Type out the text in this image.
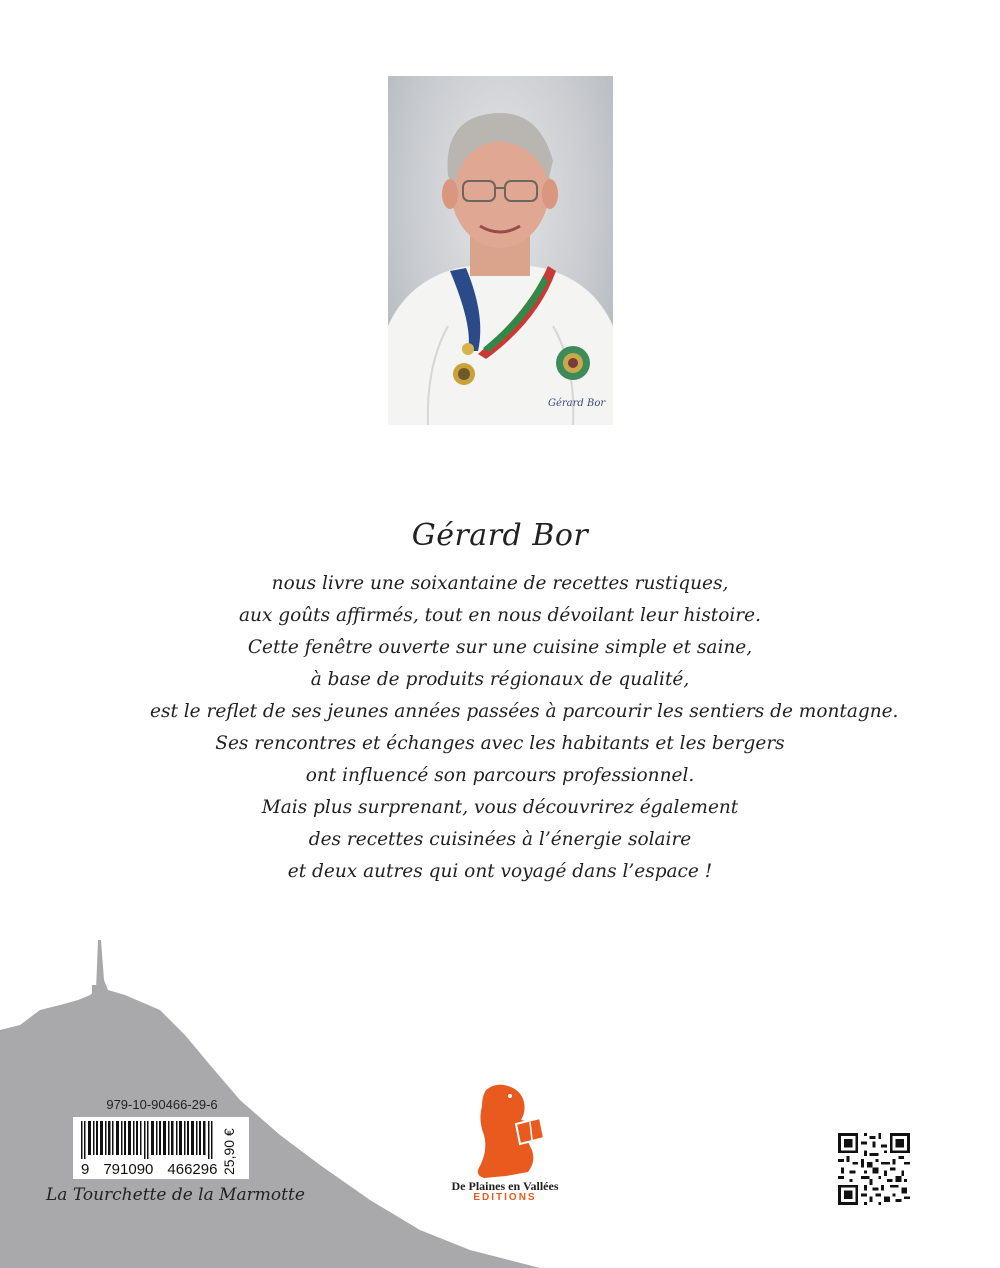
Gérard Bor
Gérard Bor
nous livre une soixantaine de recettes rustiques,
aux goûts affirmés, tout en nous dévoilant leur histoire.
Cette fenêtre ouverte sur une cuisine simple et saine,
à base de produits régionaux de qualité,
est le reflet de ses jeunes années passées à parcourir les sentiers de montagne.
Ses rencontres et échanges avec les habitants et les bergers
ont influencé son parcours professionnel.
Mais plus surprenant, vous découvrirez également
des recettes cuisinées à l’énergie solaire
et deux autres qui ont voyagé dans l’espace !
979-10-90466-29-6
9 791090 466296 25,90 €
La Tourchette de la Marmotte	De Plaines en Vallées
EDITIONS
